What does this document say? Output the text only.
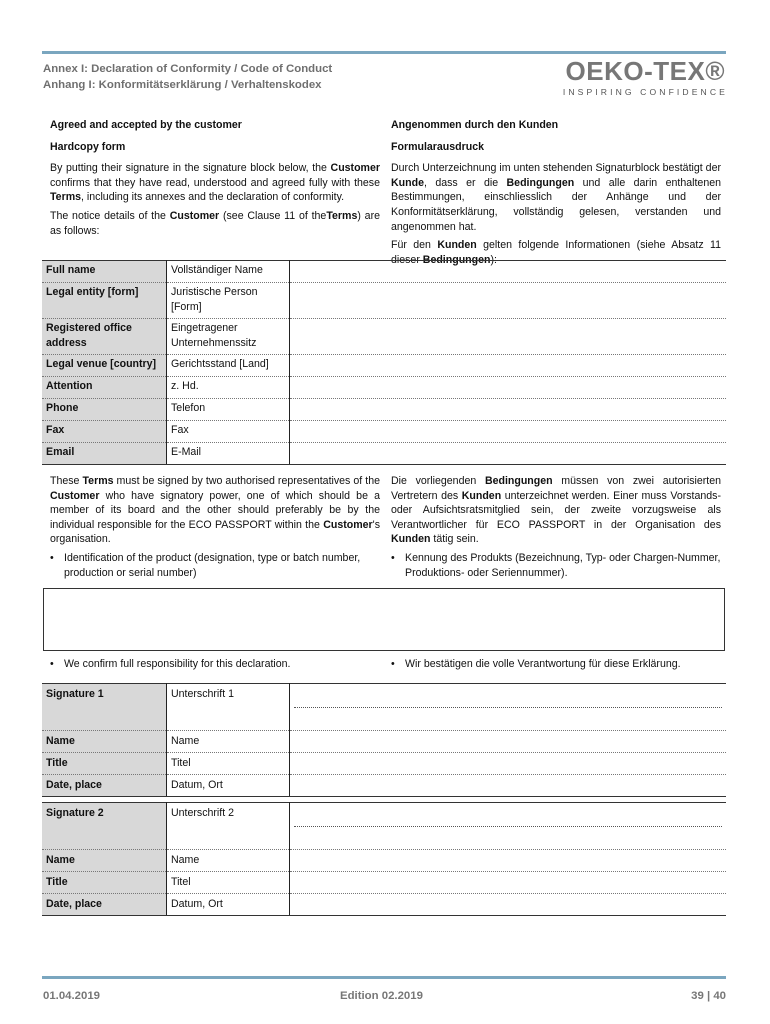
Annex I: Declaration of Conformity / Code of Conduct
Anhang I: Konformitätserklärung / Verhaltenskodex	OEKO-TEX®
INSPIRING CONFIDENCE
Agreed and accepted by the customer
Hardcopy form

By putting their signature in the signature block below, the Customer confirms that they have read, understood and agreed fully with these Terms, including its annexes and the declaration of conformity.

The notice details of the Customer (see Clause 11 of theTerms) are as follows:

Angenommen durch den Kunden
Formularausdruck

Durch Unterzeichnung im unten stehenden Signaturblock bestätigt der Kunde, dass er die Bedingungen und alle darin enthaltenen Bestimmungen, einschliesslich der Anhänge und der Konformitätserklärung, vollständig gelesen, verstanden und angenommen hat.

Für den Kunden gelten folgende Informationen (siehe Absatz 11 dieser Bedingungen):

Full name	Vollständiger Name	
Legal entity [form]	Juristische Person [Form]	
Registered office address	Eingetragener Unternehmenssitz	
Legal venue [country]	Gerichtsstand [Land]	
Attention	z. Hd.	
Phone	Telefon	
Fax	Fax	
Email	E-Mail	

These Terms must be signed by two authorised representatives of the Customer who have signatory power, one of which should be a member of its board and the other should preferably be by the individual responsible for the ECO PASSPORT within the Customer's organisation.

• Identification of the product (designation, type or batch number, production or serial number)

Die vorliegenden Bedingungen müssen von zwei autorisierten Vertretern des Kunden unterzeichnet werden. Einer muss Vorstands- oder Aufsichtsratsmitglied sein, der zweite vorzugsweise als Verantwortlicher für ECO PASSPORT in der Organisation des Kunden tätig sein.

• Kennung des Produkts (Bezeichnung, Typ- oder Chargen-Nummer, Produktions- oder Seriennummer).
• We confirm full responsibility for this declaration.	• Wir bestätigen die volle Verantwortung für diese Erklärung.
Signature 1	Unterschrift 1	

Name	Name	
Title	Titel	
Date, place	Datum, Ort	
Signature 2	Unterschrift 2	

Name	Name	
Title	Titel	
Date, place	Datum, Ort	
01.04.2019	Edition 02.2019	39 | 40
